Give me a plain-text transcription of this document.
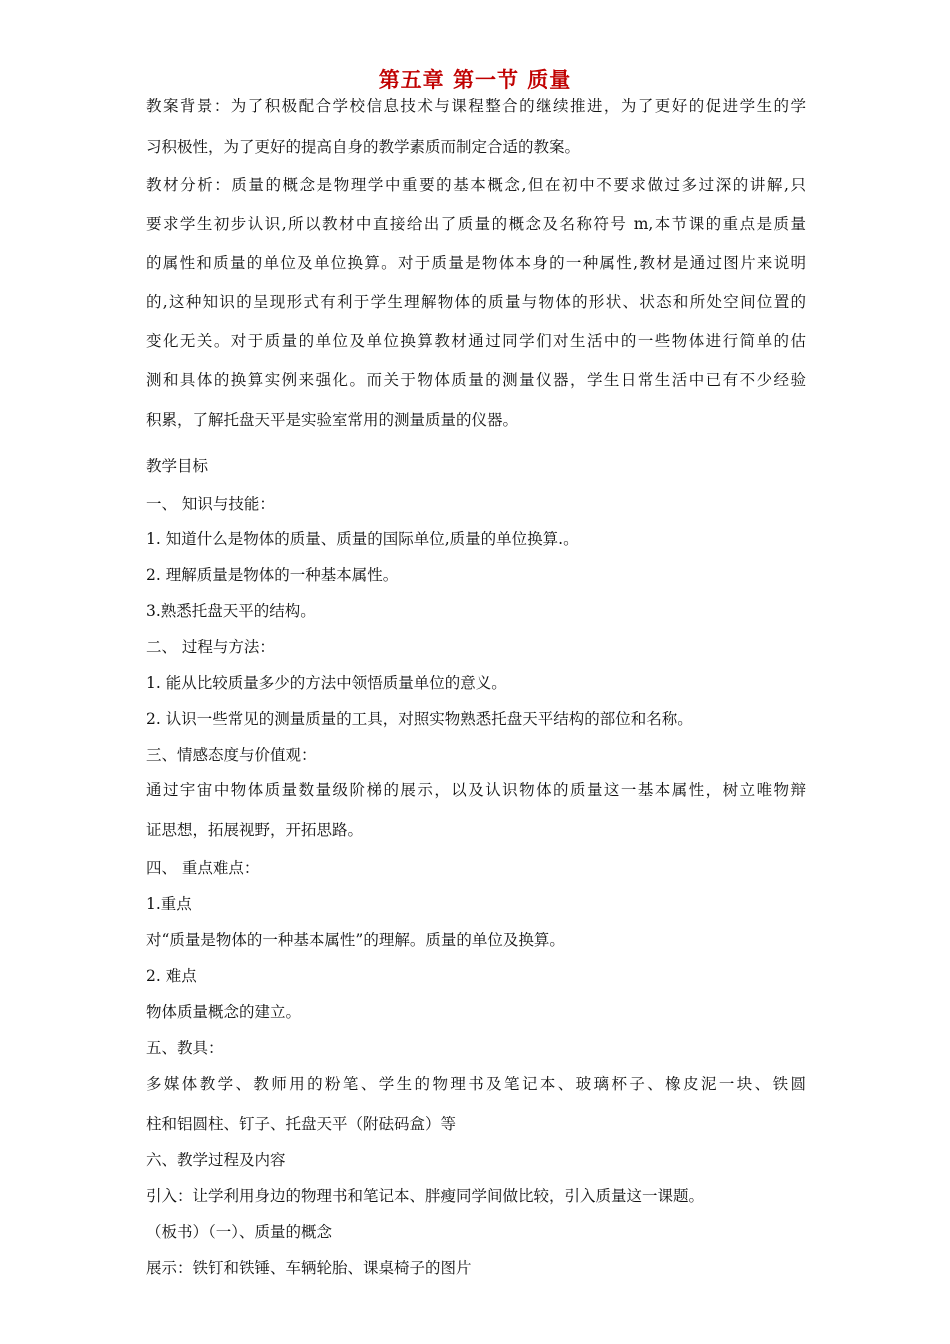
第五章 第一节 质量
教案背景：为了积极配合学校信息技术与课程整合的继续推进，为了更好的促进学生的学
习积极性，为了更好的提高自身的教学素质而制定合适的教案。
教材分析：质量的概念是物理学中重要的基本概念,但在初中不要求做过多过深的讲解,只
要求学生初步认识,所以教材中直接给出了质量的概念及名称符号 m,本节课的重点是质量
的属性和质量的单位及单位换算。对于质量是物体本身的一种属性,教材是通过图片来说明
的,这种知识的呈现形式有利于学生理解物体的质量与物体的形状、状态和所处空间位置的
变化无关。对于质量的单位及单位换算教材通过同学们对生活中的一些物体进行简单的估
测和具体的换算实例来强化。而关于物体质量的测量仪器，学生日常生活中已有不少经验
积累，了解托盘天平是实验室常用的测量质量的仪器。
教学目标
一、 知识与技能：
1. 知道什么是物体的质量、质量的国际单位,质量的单位换算.。
2. 理解质量是物体的一种基本属性。
3.熟悉托盘天平的结构。
二、 过程与方法：
1. 能从比较质量多少的方法中领悟质量单位的意义。
2. 认识一些常见的测量质量的工具，对照实物熟悉托盘天平结构的部位和名称。
三、情感态度与价值观：
通过宇宙中物体质量数量级阶梯的展示，以及认识物体的质量这一基本属性，树立唯物辩
证思想，拓展视野，开拓思路。
四、 重点难点：
1.重点
对“质量是物体的一种基本属性”的理解。质量的单位及换算。
2. 难点
物体质量概念的建立。
五、教具：
多媒体教学、教师用的粉笔、学生的物理书及笔记本、玻璃杯子、橡皮泥一块、铁圆
柱和铝圆柱、钉子、托盘天平（附砝码盒）等
六、教学过程及内容
引入：让学利用身边的物理书和笔记本、胖瘦同学间做比较，引入质量这一课题。
（板书）（一）、质量的概念
展示：铁钉和铁锤、车辆轮胎、课桌椅子的图片
